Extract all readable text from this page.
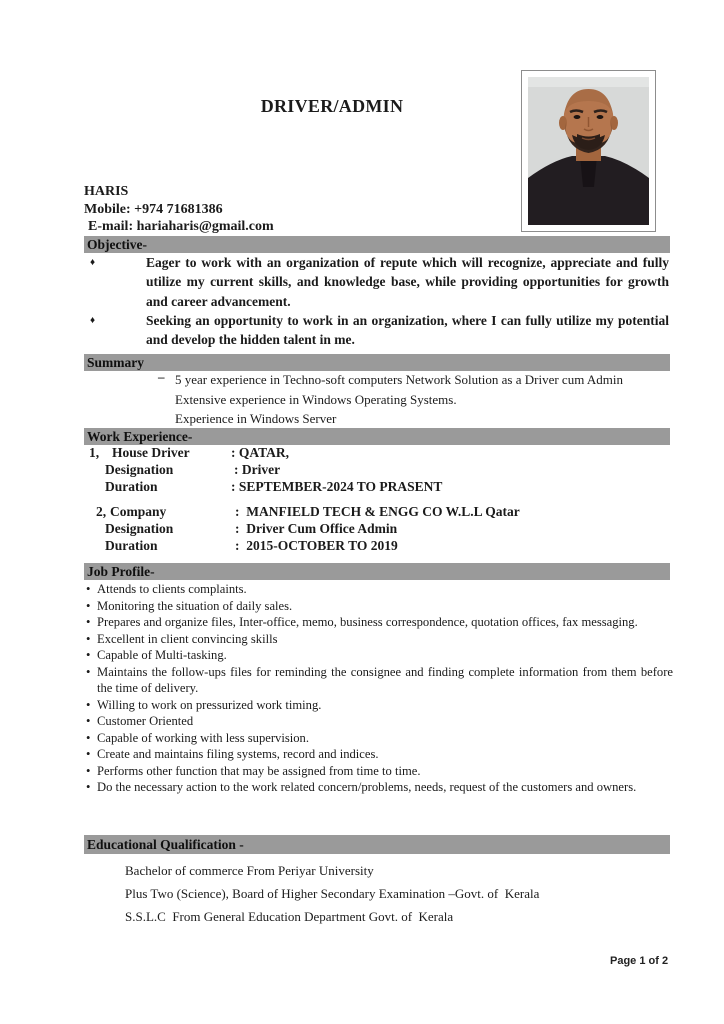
DRIVER/ADMIN
HARIS
Mobile: +974 71681386
E-mail: hariaharis@gmail.com
Objective-
♦	Eager to work with an organization of repute which will recognize, appreciate and fully utilize my current skills, and knowledge base, while providing opportunities for growth and career advancement.
♦	Seeking an opportunity to work in an organization, where I can fully utilize my potential and develop the hidden talent in me.
Summary
– 5 year experience in Techno-soft computers Network Solution as a Driver cum Admin
Extensive experience in Windows Operating Systems.
Experience in Windows Server
Work Experience-
1, House Driver	: QATAR,
Designation	: Driver
Duration	: SEPTEMBER-2024 TO PRASENT
2, Company	:  MANFIELD TECH & ENGG CO W.L.L Qatar
Designation	:  Driver Cum Office Admin
Duration	:  2015-OCTOBER TO 2019
Job Profile-
• Attends to clients complaints.
• Monitoring the situation of daily sales.
• Prepares and organize files, Inter-office, memo, business correspondence, quotation offices, fax messaging.
• Excellent in client convincing skills
• Capable of Multi-tasking.
• Maintains the follow-ups files for reminding the consignee and finding complete information from them before the time of delivery.
• Willing to work on pressurized work timing.
• Customer Oriented
• Capable of working with less supervision.
• Create and maintains filing systems, record and indices.
• Performs other function that may be assigned from time to time.
• Do the necessary action to the work related concern/problems, needs, request of the customers and owners.
Educational Qualification -
Bachelor of commerce From Periyar University
Plus Two (Science), Board of Higher Secondary Examination –Govt. of  Kerala
S.S.L.C  From General Education Department Govt. of  Kerala
Page 1 of 2
